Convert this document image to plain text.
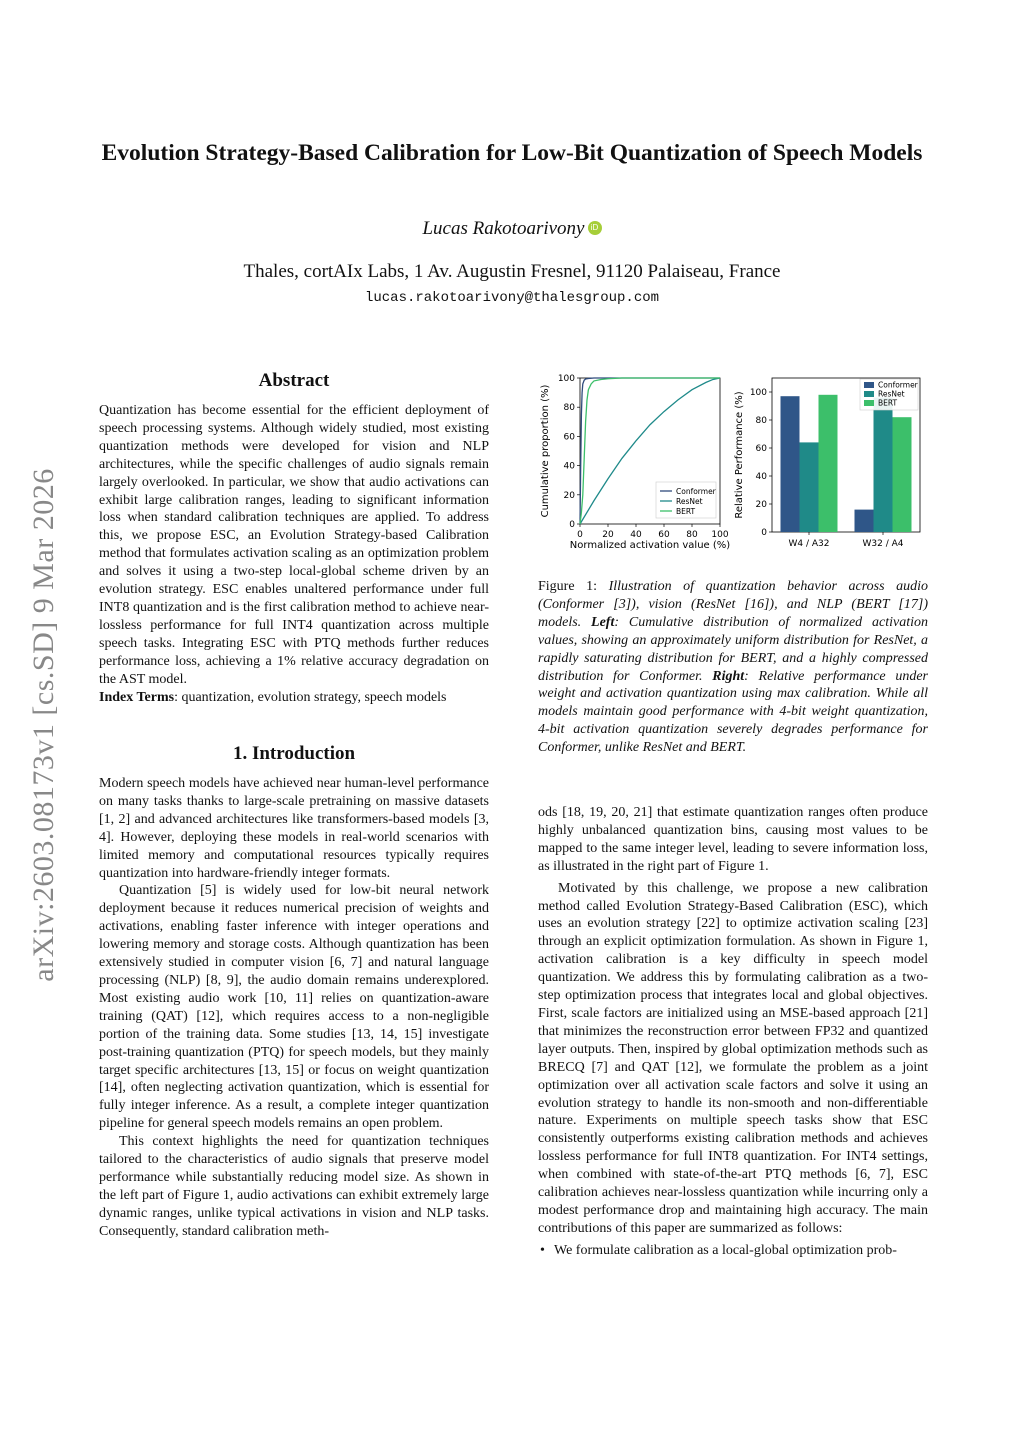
Evolution Strategy-Based Calibration for Low-Bit Quantization of Speech Models
Lucas Rakotoarivony iD
Thales, cortAIx Labs, 1 Av. Augustin Fresnel, 91120 Palaiseau, France
lucas.rakotoarivony@thalesgroup.com
arXiv:2603.08173v1 [cs.SD] 9 Mar 2026
Abstract

Quantization has become essential for the efficient deployment of speech processing systems. Although widely studied, most existing quantization methods were developed for vision and NLP architectures, while the specific challenges of audio signals remain largely overlooked. In particular, we show that audio activations can exhibit large calibration ranges, leading to significant information loss when standard calibration techniques are applied. To address this, we propose ESC, an Evolution Strategy-based Calibration method that formulates activation scaling as an optimization problem and solves it using a two-step local-global scheme driven by an evolution strategy. ESC enables unaltered performance under full INT8 quantization and is the first calibration method to achieve near-lossless performance for full INT4 quantization across multiple speech tasks. Integrating ESC with PTQ methods further reduces performance loss, achieving a 1% relative accuracy degradation on the AST model.

Index Terms: quantization, evolution strategy, speech models

1. Introduction

Modern speech models have achieved near human-level performance on many tasks thanks to large-scale pretraining on massive datasets [1, 2] and advanced architectures like transformers-based models [3, 4]. However, deploying these models in real-world scenarios with limited memory and computational resources typically requires quantization into hardware-friendly integer formats.

Quantization [5] is widely used for low-bit neural network deployment because it reduces numerical precision of weights and activations, enabling faster inference with integer operations and lowering memory and storage costs. Although quantization has been extensively studied in computer vision [6, 7] and natural language processing (NLP) [8, 9], the audio domain remains underexplored. Most existing audio work [10, 11] relies on quantization-aware training (QAT) [12], which requires access to a non-negligible portion of the training data. Some studies [13, 14, 15] investigate post-training quantization (PTQ) for speech models, but they mainly target specific architectures [13, 15] or focus on weight quantization [14], often neglecting activation quantization, which is essential for fully integer inference. As a result, a complete integer quantization pipeline for general speech models remains an open problem.

This context highlights the need for quantization techniques tailored to the characteristics of audio signals that preserve model performance while substantially reducing model size. As shown in the left part of Figure 1, audio activations can exhibit extremely large dynamic ranges, unlike typical activations in vision and NLP tasks. Consequently, standard calibration meth-

0 20 40 60 80 100
0
20
40
60
80
100
Normalized activation value (%)
Cumulative proportion (%)	Conformer
ResNet
BERT
0
20
40
60
80
100
Relative Performance (%)
W4 / A32	W32 / A4
Conformer
ResNet
BERT
Figure 1: Illustration of quantization behavior across audio (Conformer [3]), vision (ResNet [16]), and NLP (BERT [17]) models. Left: Cumulative distribution of normalized activation values, showing an approximately uniform distribution for ResNet, a rapidly saturating distribution for BERT, and a highly compressed distribution for Conformer. Right: Relative performance under weight and activation quantization using max calibration. While all models maintain good performance with 4-bit weight quantization, 4-bit activation quantization severely degrades performance for Conformer, unlike ResNet and BERT.

ods [18, 19, 20, 21] that estimate quantization ranges often produce highly unbalanced quantization bins, causing most values to be mapped to the same integer level, leading to severe information loss, as illustrated in the right part of Figure 1.

Motivated by this challenge, we propose a new calibration method called Evolution Strategy-Based Calibration (ESC), which uses an evolution strategy [22] to optimize activation scaling [23] through an explicit optimization formulation. As shown in Figure 1, activation calibration is a key difficulty in speech model quantization. We address this by formulating calibration as a two-step optimization process that integrates local and global objectives. First, scale factors are initialized using an MSE-based approach [21] that minimizes the reconstruction error between FP32 and quantized layer outputs. Then, inspired by global optimization methods such as BRECQ [7] and QAT [12], we formulate the problem as a joint optimization over all activation scale factors and solve it using an evolution strategy to handle its non-smooth and non-differentiable nature. Experiments on multiple speech tasks show that ESC consistently outperforms existing calibration methods and achieves lossless performance for full INT8 quantization. For INT4 settings, when combined with state-of-the-art PTQ methods [6, 7], ESC calibration achieves near-lossless quantization while incurring only a modest performance drop and maintaining high accuracy. The main contributions of this paper are summarized as follows:

• We formulate calibration as a local-global optimization prob-
